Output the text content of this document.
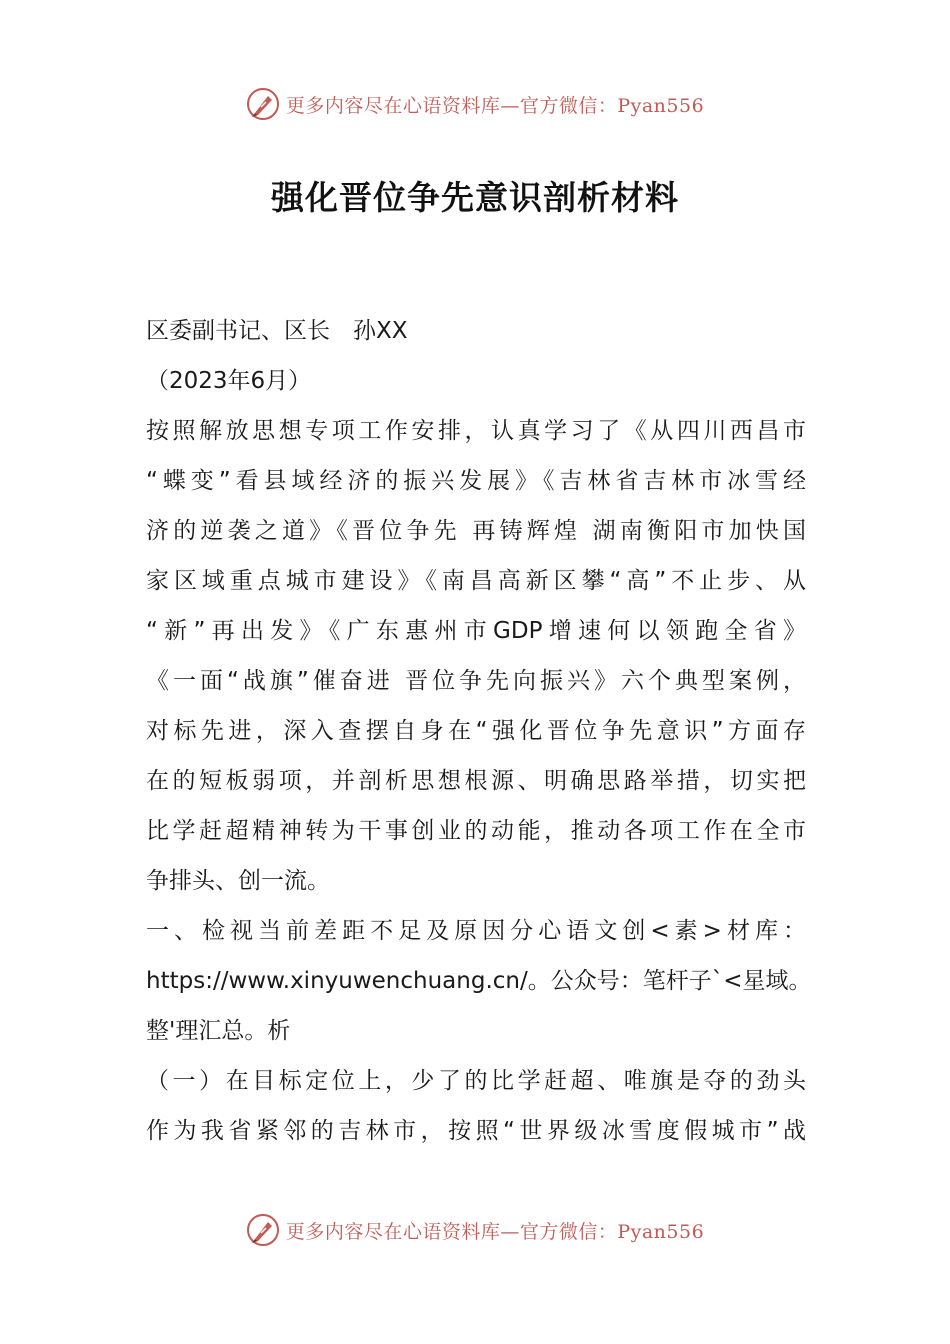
更多内容尽在心语资料库—官方微信：Pyan556
强化晋位争先意识剖析材料
区委副书记、区长　孙XX
（2023年6月）
按照解放思想专项工作安排，认真学习了《从四川西昌市
“蝶变”看县域经济的振兴发展》《吉林省吉林市冰雪经
济的逆袭之道》《晋位争先 再铸辉煌 湖南衡阳市加快国
家区域重点城市建设》《南昌高新区攀“高”不止步、从
“新”再出发》《广东惠州市GDP增速何以领跑全省》
《一面“战旗”催奋进 晋位争先向振兴》六个典型案例，
对标先进，深入查摆自身在“强化晋位争先意识”方面存
在的短板弱项，并剖析思想根源、明确思路举措，切实把
比学赶超精神转为干事创业的动能，推动各项工作在全市
争排头、创一流。
一、检视当前差距不足及原因分心语文创<素>材库：
https://www.xinyuwenchuang.cn/。公众号：笔杆子`<星域。
整'理汇总。析
（一）在目标定位上，少了的比学赶超、唯旗是夺的劲头
作为我省紧邻的吉林市，按照“世界级冰雪度假城市”战
更多内容尽在心语资料库—官方微信：Pyan556
